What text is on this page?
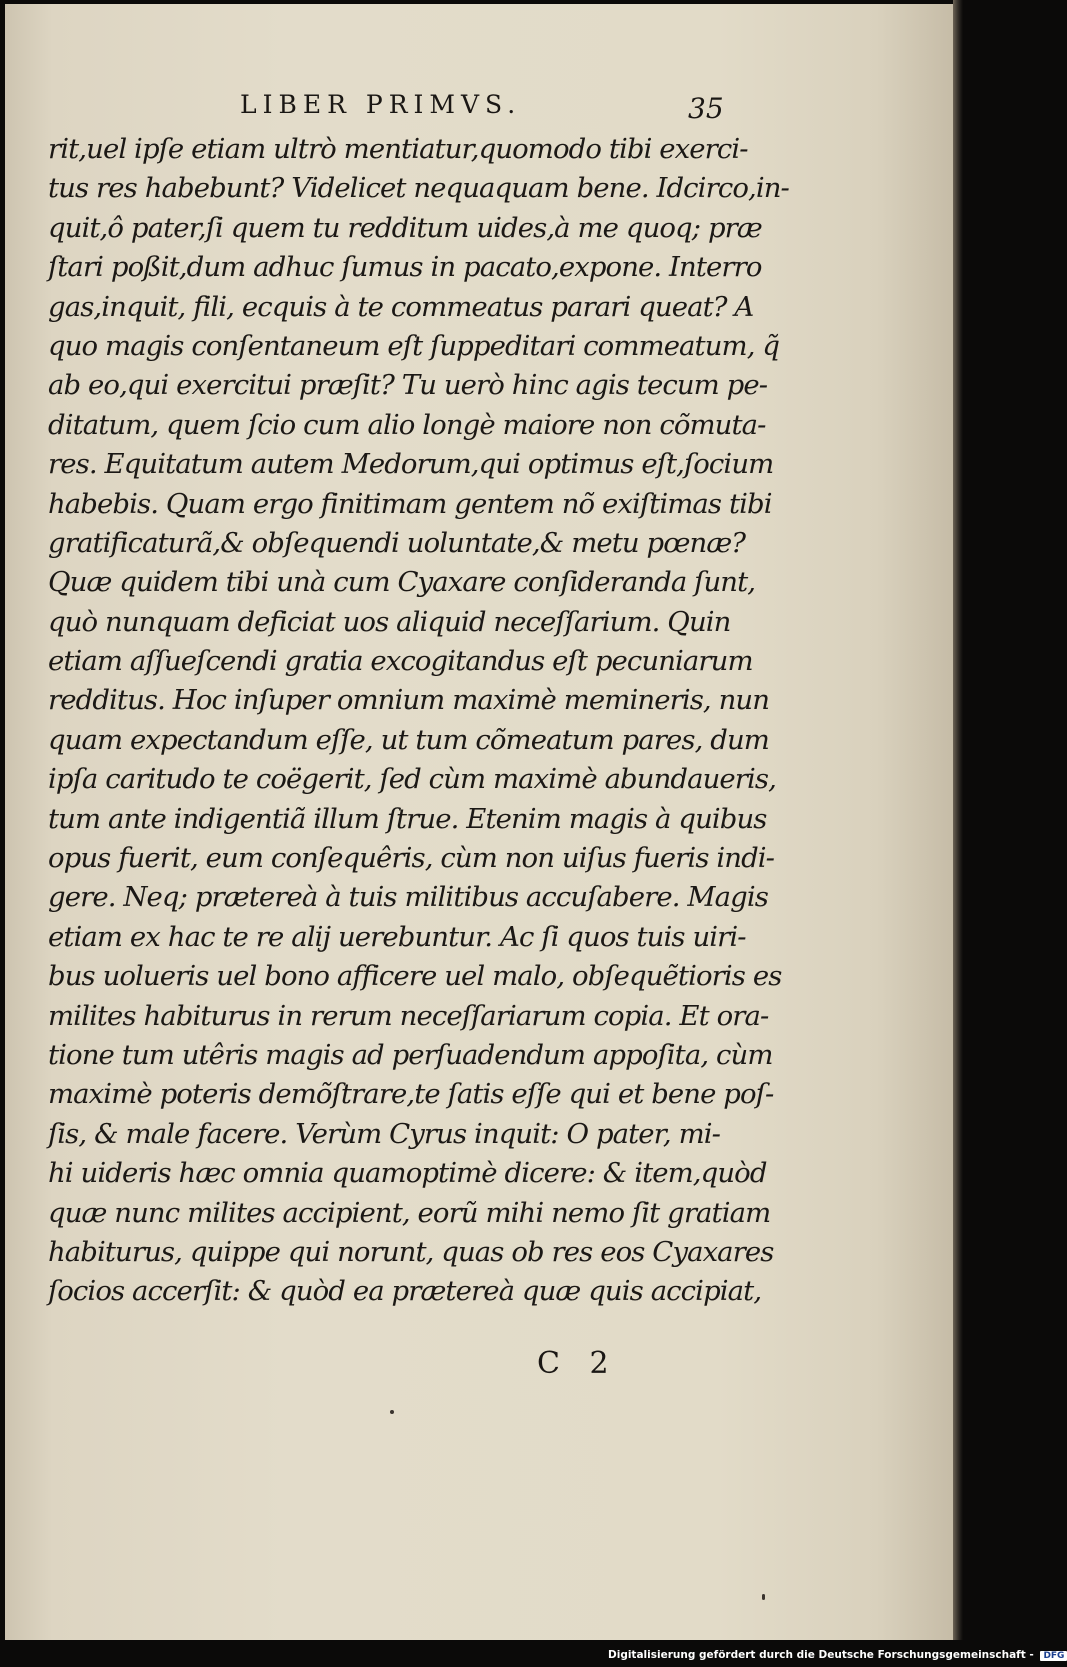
LIBER PRIMVS.	35
rit,uel ipſe etiam ultrò mentiatur,quomodo tibi exerci-
tus res habebunt? Videlicet nequaquam bene. Idcirco,in-
quit,ô pater,ſi quem tu redditum uides,à me quoq; præ
ſtari poßit,dum adhuc ſumus in pacato,expone. Interro
gas,inquit, fili, ecquis à te commeatus parari queat? A
quo magis conſentaneum eſt ſuppeditari commeatum, q̃
ab eo,qui exercitui præſit? Tu uerò hinc agis tecum pe-
ditatum, quem ſcio cum alio longè maiore non cõmuta-
res. Equitatum autem Medorum,qui optimus eſt,ſocium
habebis. Quam ergo finitimam gentem nõ exiſtimas tibi
gratificaturã,& obſequendi uoluntate,& metu pœnæ?
Quæ quidem tibi unà cum Cyaxare conſideranda ſunt,
quò nunquam deficiat uos aliquid neceſſarium. Quin
etiam aſſueſcendi gratia excogitandus eſt pecuniarum
redditus. Hoc inſuper omnium maximè memineris, nun
quam expectandum eſſe, ut tum cõmeatum pares, dum
ipſa caritudo te coëgerit, ſed cùm maximè abundaueris,
tum ante indigentiã illum ſtrue. Etenim magis à quibus
opus fuerit, eum conſequêris, cùm non uiſus fueris indi-
gere. Neq; prætereà à tuis militibus accuſabere. Magis
etiam ex hac te re alij uerebuntur. Ac ſi quos tuis uiri-
bus uolueris uel bono afficere uel malo, obſequẽtioris es
milites habiturus in rerum neceſſariarum copia. Et ora-
tione tum utêris magis ad perſuadendum appoſita, cùm
maximè poteris demõſtrare,te ſatis eſſe qui et bene poſ-
ſis, & male facere. Verùm Cyrus inquit: O pater, mi-
hi uideris hæc omnia quamoptimè dicere: & item,quòd
quæ nunc milites accipient, eorũ mihi nemo ſit gratiam
habiturus, quippe qui norunt, quas ob res eos Cyaxares
ſocios accerſit: & quòd ea prætereà quæ quis accipiat,
C 2
Digitalisierung gefördert durch die Deutsche Forschungsgemeinschaft - DFG
